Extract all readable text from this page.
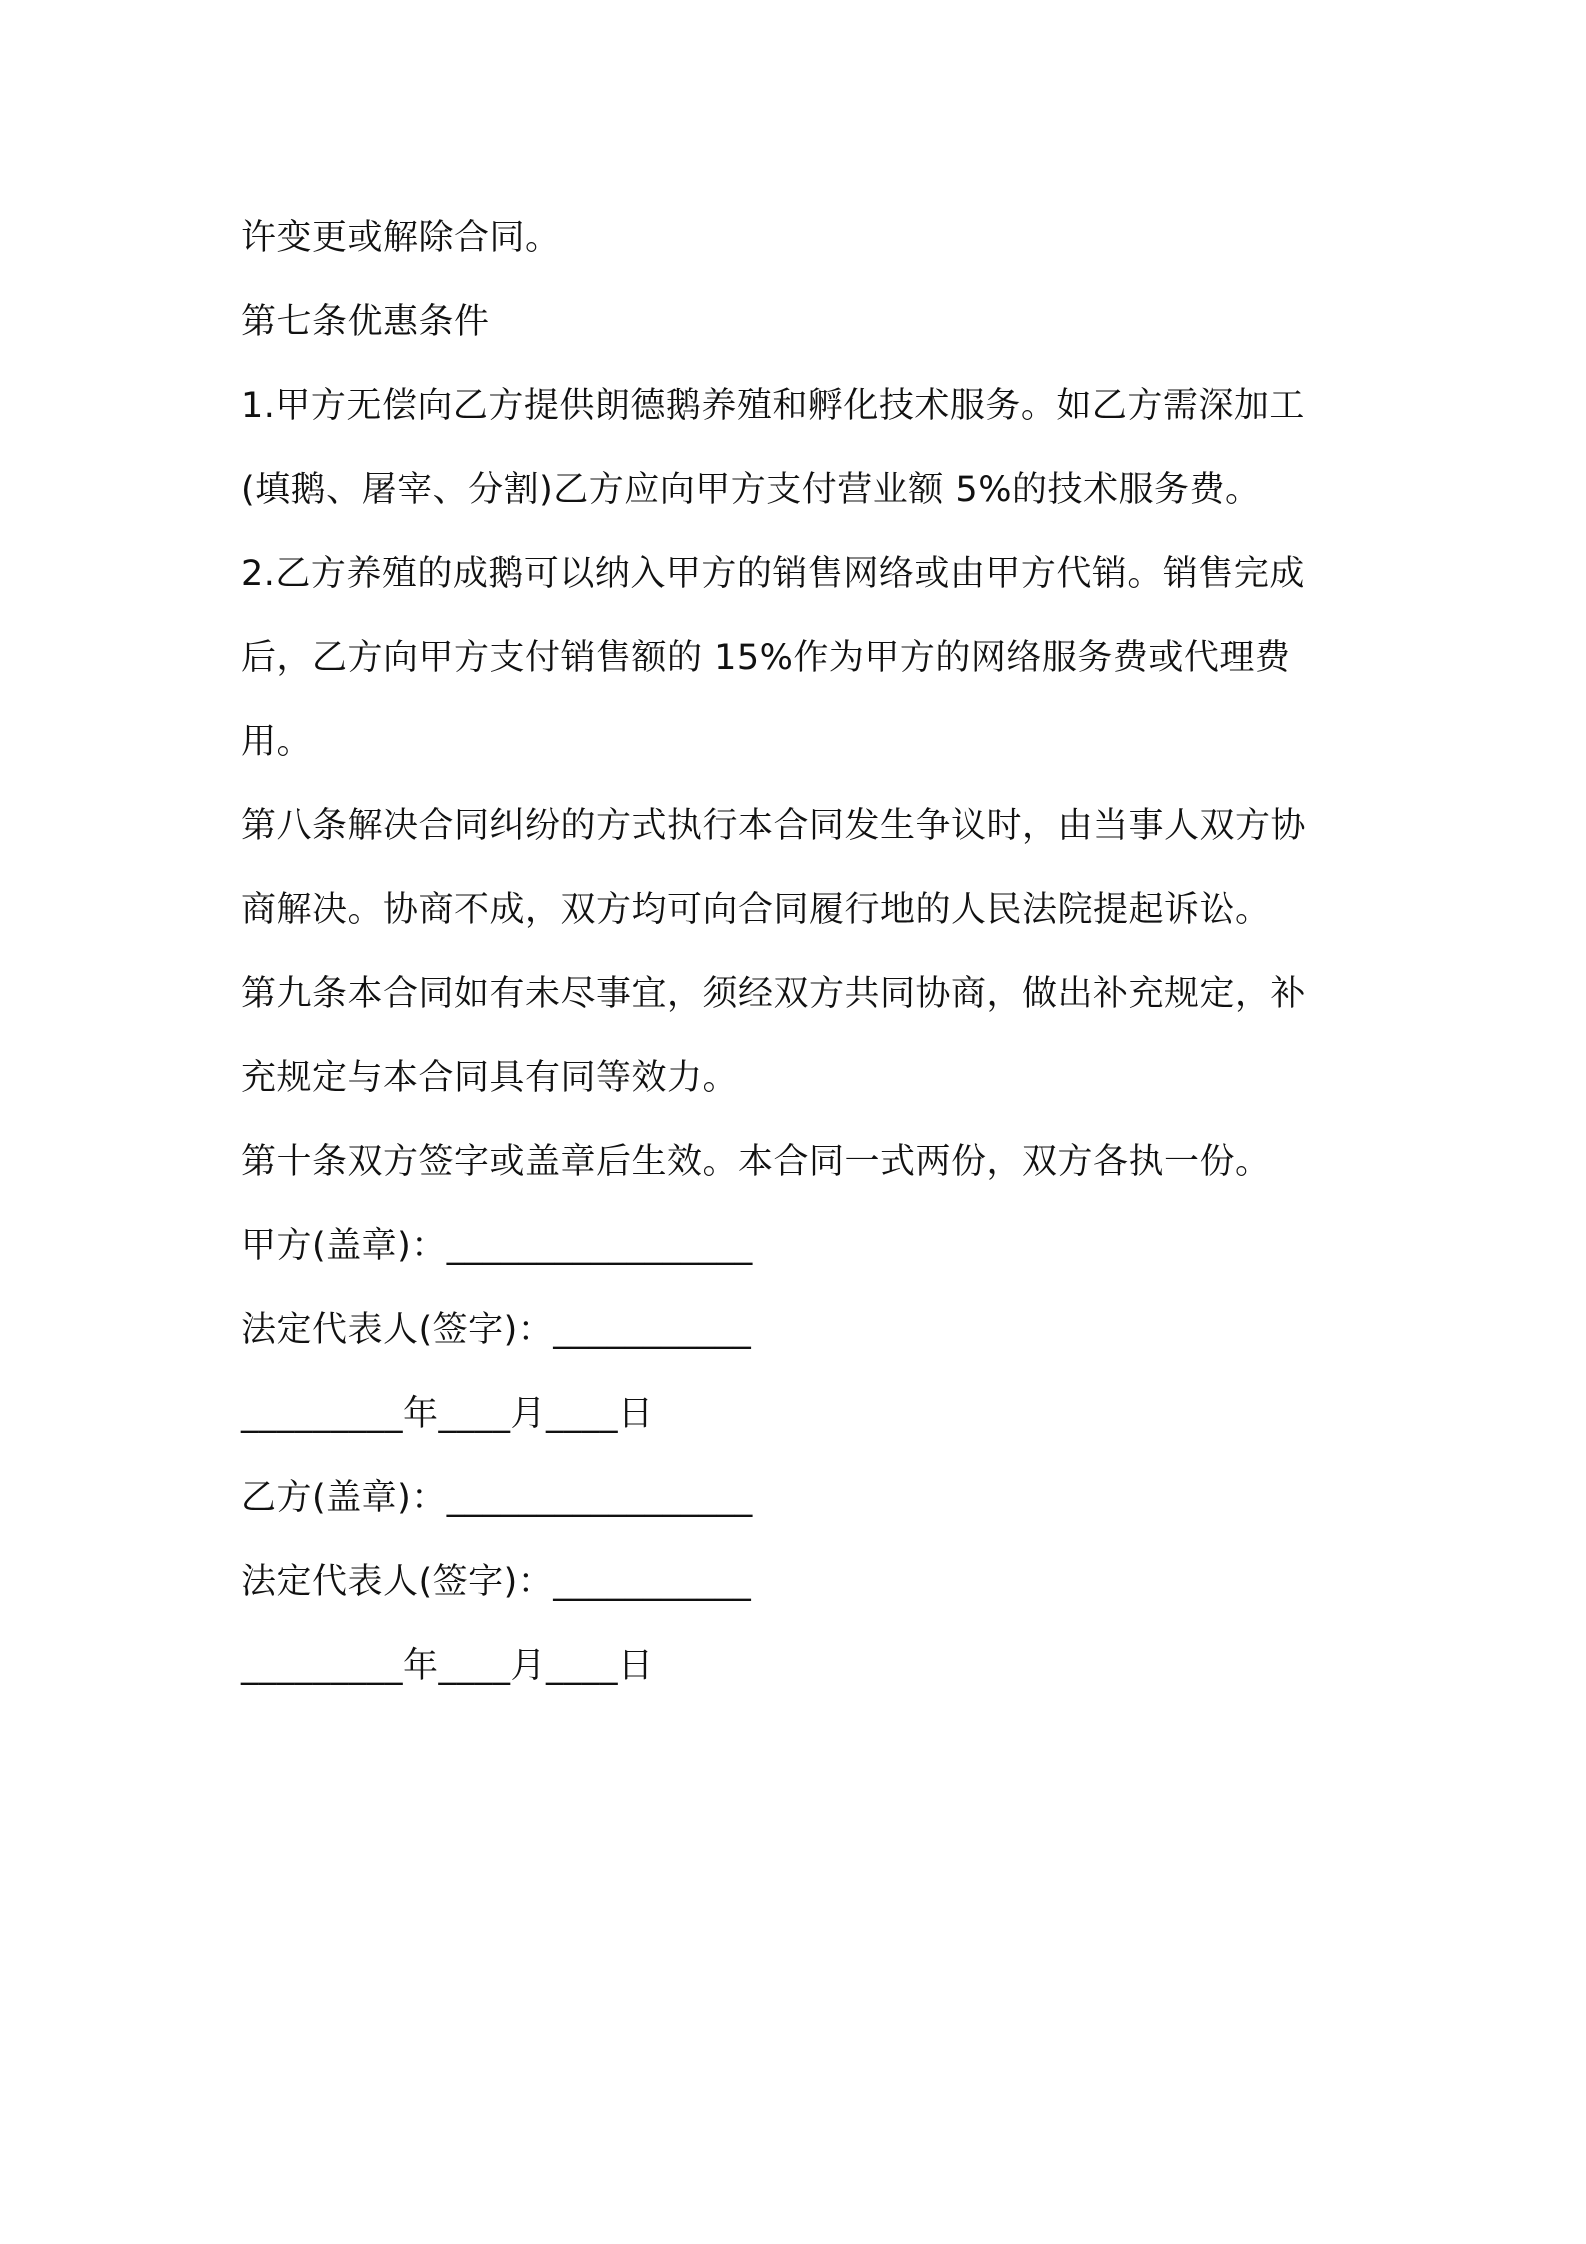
许变更或解除合同。
第七条优惠条件
1.甲方无偿向乙方提供朗德鹅养殖和孵化技术服务。如乙方需深加工
(填鹅、屠宰、分割)乙方应向甲方支付营业额 5%的技术服务费。
2.乙方养殖的成鹅可以纳入甲方的销售网络或由甲方代销。销售完成
后，乙方向甲方支付销售额的 15%作为甲方的网络服务费或代理费
用。
第八条解决合同纠纷的方式执行本合同发生争议时，由当事人双方协
商解决。协商不成，双方均可向合同履行地的人民法院提起诉讼。
第九条本合同如有未尽事宜，须经双方共同协商，做出补充规定，补
充规定与本合同具有同等效力。
第十条双方签字或盖章后生效。本合同一式两份，双方各执一份。
甲方(盖章)：_________________
法定代表人(签字)：___________
_________年____月____日
乙方(盖章)：_________________
法定代表人(签字)：___________
_________年____月____日
